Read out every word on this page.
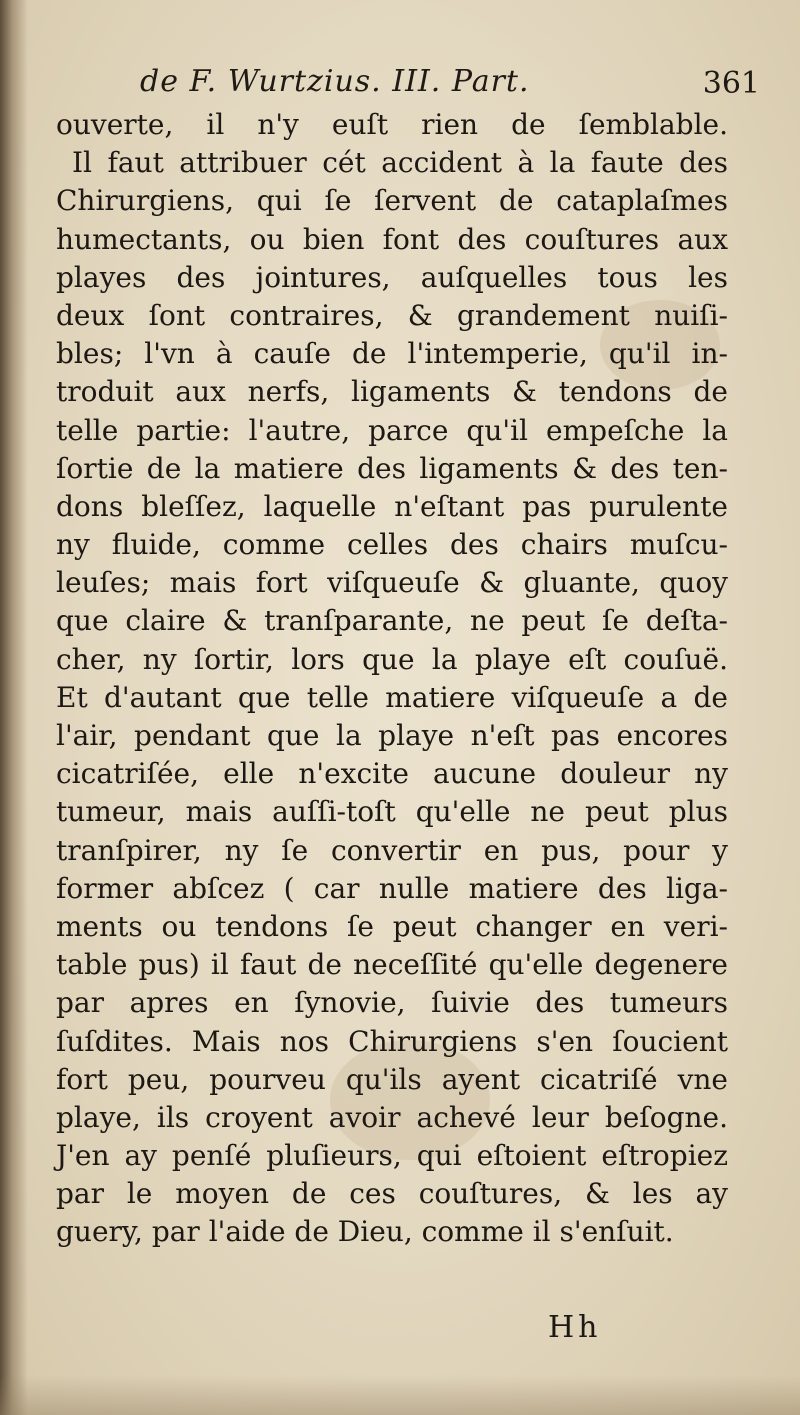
de F. Wurtzius. III. Part.	361
ouverte, il n'y euſt rien de ſemblable.
Il faut attribuer cét accident à la faute des
Chirurgiens, qui ſe ſervent de cataplaſmes
humectants, ou bien font des couſtures aux
playes des jointures, auſquelles tous les
deux ſont contraires, & grandement nuiſi-
bles; l'vn à cauſe de l'intemperie, qu'il in-
troduit aux nerfs, ligaments & tendons de
telle partie: l'autre, parce qu'il empeſche la
ſortie de la matiere des ligaments & des ten-
dons bleſſez, laquelle n'eſtant pas purulente
ny fluide, comme celles des chairs muſcu-
leuſes; mais fort viſqueuſe & gluante, quoy
que claire & tranſparante, ne peut ſe deſta-
cher, ny ſortir, lors que la playe eſt couſuë.
Et d'autant que telle matiere viſqueuſe a de
l'air, pendant que la playe n'eſt pas encores
cicatriſée, elle n'excite aucune douleur ny
tumeur, mais auſſi-toſt qu'elle ne peut plus
tranſpirer, ny ſe convertir en pus, pour y
former abſcez ( car nulle matiere des liga-
ments ou tendons ſe peut changer en veri-
table pus) il faut de neceſſité qu'elle degenere
par apres en ſynovie, ſuivie des tumeurs
ſuſdites. Mais nos Chirurgiens s'en ſoucient
fort peu, pourveu qu'ils ayent cicatriſé vne
playe, ils croyent avoir achevé leur beſogne.
J'en ay penſé pluſieurs, qui eſtoient eſtropiez
par le moyen de ces couſtures, & les ay
guery, par l'aide de Dieu, comme il s'enſuit.
Hh
